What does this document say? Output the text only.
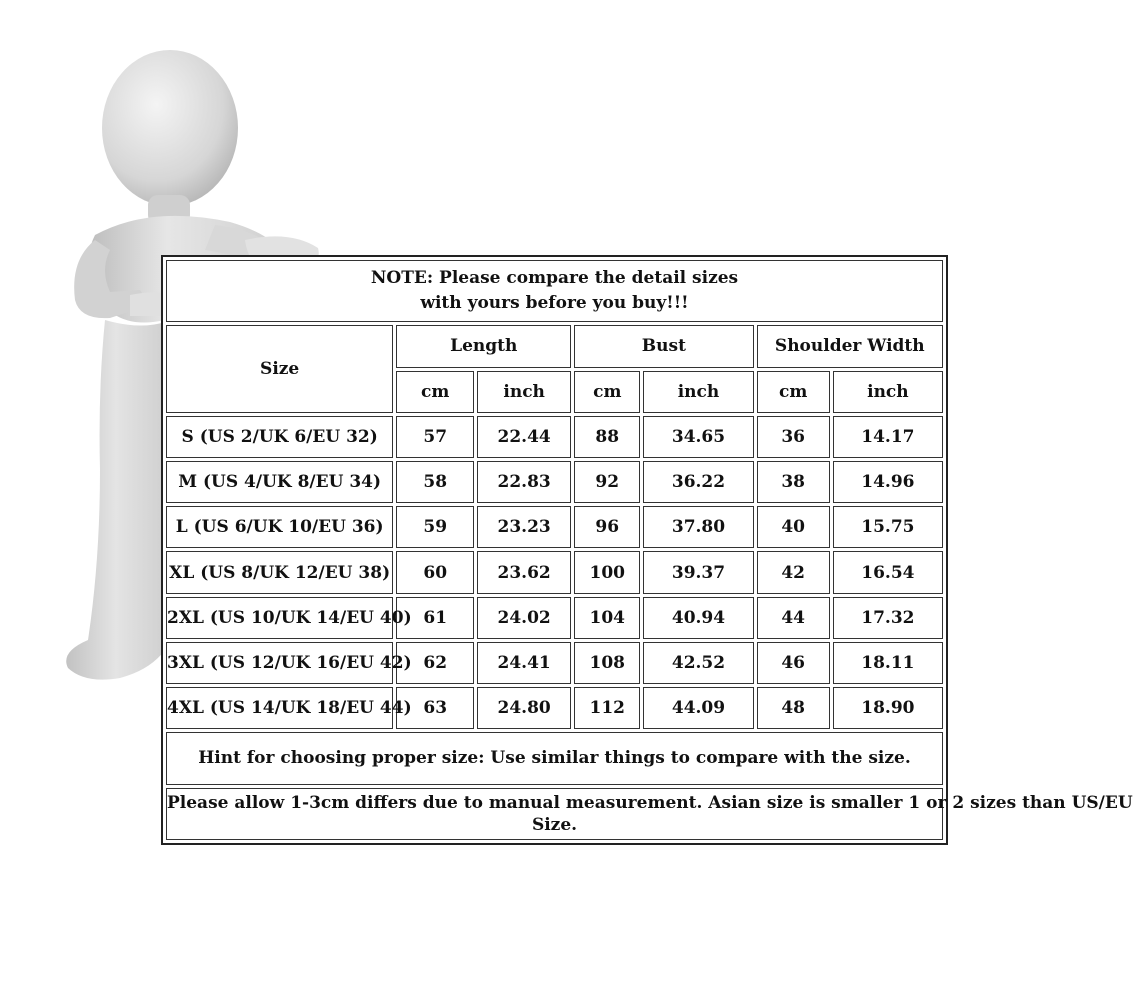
NOTE: Please compare the detail sizes
with yours before you buy!!!						

Size	Length		Bust		Shoulder Width	
	cm	inch	cm	inch	cm	inch
S (US 2/UK 6/EU 32)	57	22.44	88	34.65	36	14.17
M (US 4/UK 8/EU 34)	58	22.83	92	36.22	38	14.96
L (US 6/UK 10/EU 36)	59	23.23	96	37.80	40	15.75
XL (US 8/UK 12/EU 38)	60	23.62	100	39.37	42	16.54
2XL (US 10/UK 14/EU 40)	61	24.02	104	40.94	44	17.32
3XL (US 12/UK 16/EU 42)	62	24.41	108	42.52	46	18.11
4XL (US 14/UK 18/EU 44)	63	24.80	112	44.09	48	18.90
Hint for choosing proper size: Use similar things to compare with the size.						

Please allow 1-3cm differs due to manual measurement. Asian size is smaller 1 or 2 sizes than US/EU
Size.						
